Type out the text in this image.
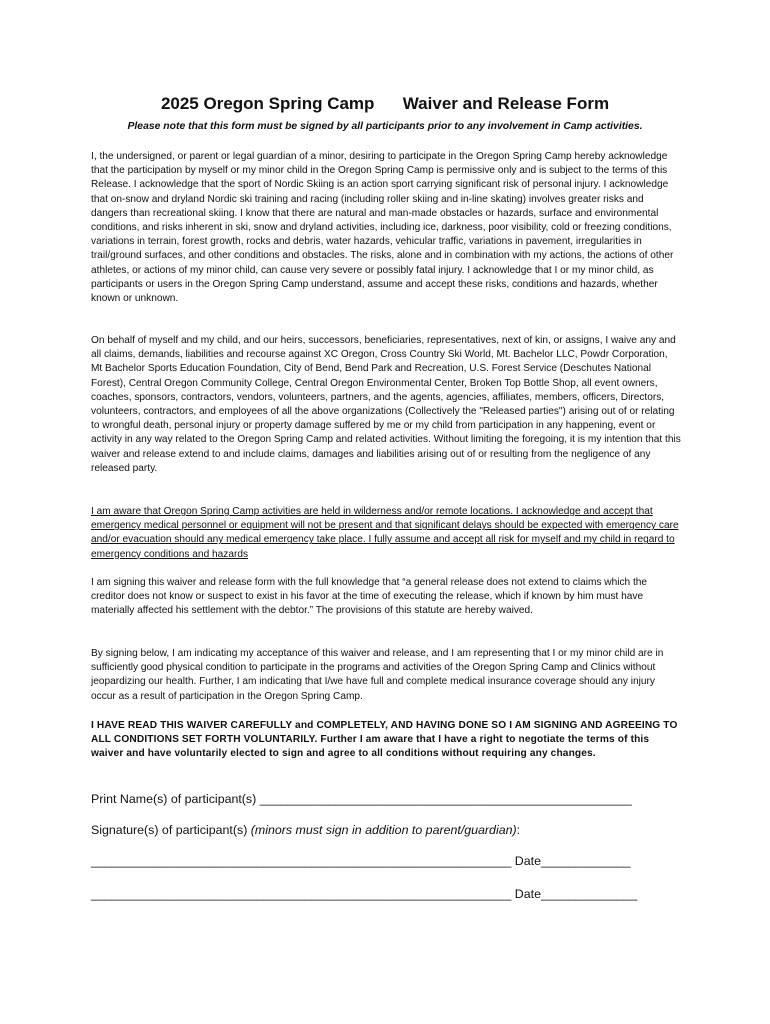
2025 Oregon Spring Camp      Waiver and Release Form
Please note that this form must be signed by all participants prior to any involvement in Camp activities.

I, the undersigned, or parent or legal guardian of a minor, desiring to participate in the Oregon Spring Camp hereby acknowledge that the participation by myself or my minor child in the Oregon Spring Camp is permissive only and is subject to the terms of this Release. I acknowledge that the sport of Nordic Skiing is an action sport carrying significant risk of personal injury. I acknowledge that on-snow and dryland Nordic ski training and racing (including roller skiing and in-line skating) involves greater risks and dangers than recreational skiing. I know that there are natural and man-made obstacles or hazards, surface and environmental conditions, and risks inherent in ski, snow and dryland activities, including ice, darkness, poor visibility, cold or freezing conditions, variations in terrain, forest growth, rocks and debris, water hazards, vehicular traffic, variations in pavement, irregularities in trail/ground surfaces, and other conditions and obstacles. The risks, alone and in combination with my actions, the actions of other athletes, or actions of my minor child, can cause very severe or possibly fatal injury. I acknowledge that I or my minor child, as participants or users in the Oregon Spring Camp understand, assume and accept these risks, conditions and hazards, whether known or unknown.

On behalf of myself and my child, and our heirs, successors, beneficiaries, representatives, next of kin, or assigns, I waive any and all claims, demands, liabilities and recourse against XC Oregon, Cross Country Ski World, Mt. Bachelor LLC, Powdr Corporation, Mt Bachelor Sports Education Foundation, City of Bend, Bend Park and Recreation, U.S. Forest Service (Deschutes National Forest), Central Oregon Community College, Central Oregon Environmental Center, Broken Top Bottle Shop, all event owners, coaches, sponsors, contractors, vendors, volunteers, partners, and the agents, agencies, affiliates, members, officers, Directors, volunteers, contractors, and employees of all the above organizations (Collectively the "Released parties") arising out of or relating to wrongful death, personal injury or property damage suffered by me or my child from participation in any happening, event or activity in any way related to the Oregon Spring Camp and related activities. Without limiting the foregoing, it is my intention that this waiver and release extend to and include claims, damages and liabilities arising out of or resulting from the negligence of any released party.

I am aware that Oregon Spring Camp activities are held in wilderness and/or remote locations. I acknowledge and accept that emergency medical personnel or equipment will not be present and that significant delays should be expected with emergency care and/or evacuation should any medical emergency take place. I fully assume and accept all risk for myself and my child in regard to emergency conditions and hazards

I am signing this waiver and release form with the full knowledge that “a general release does not extend to claims which the creditor does not know or suspect to exist in his favor at the time of executing the release, which if known by him must have materially affected his settlement with the debtor.” The provisions of this statute are hereby waived.

By signing below, I am indicating my acceptance of this waiver and release, and I am representing that I or my minor child are in sufficiently good physical condition to participate in the programs and activities of the Oregon Spring Camp and Clinics without jeopardizing our health. Further, I am indicating that I/we have full and complete medical insurance coverage should any injury occur as a result of participation in the Oregon Spring Camp.

I HAVE READ THIS WAIVER CAREFULLY and COMPLETELY, AND HAVING DONE SO I AM SIGNING AND AGREEING TO ALL CONDITIONS SET FORTH VOLUNTARILY. Further I am aware that I have a right to negotiate the terms of this waiver and have voluntarily elected to sign and agree to all conditions without requiring any changes.

Print Name(s) of participant(s) ______________________________________________________
Signature(s) of participant(s) (minors must sign in addition to parent/guardian):
_____________________________________________________________ Date_____________
_____________________________________________________________ Date______________
